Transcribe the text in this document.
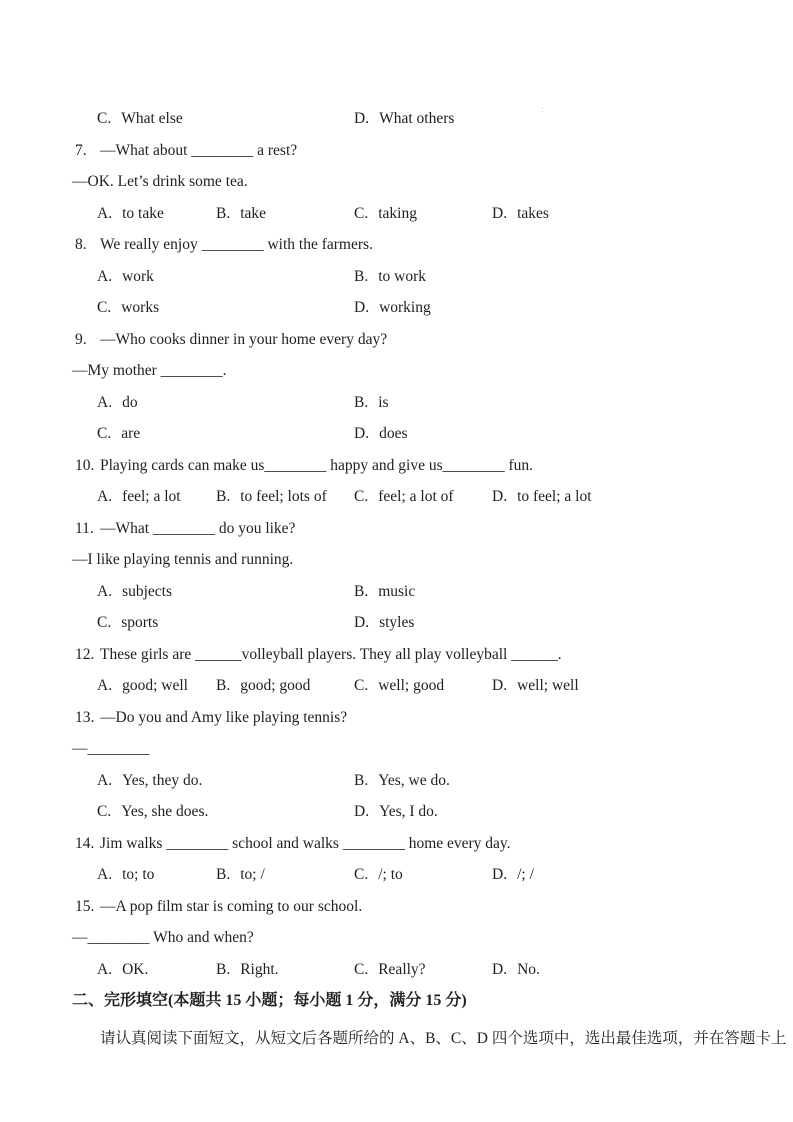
:
C. What else	D. What others
7. —What about ________ a rest?
—OK. Let’s drink some tea.
A. to take	B. take	C. taking	D. takes
8. We really enjoy ________ with the farmers.
A. work	B. to work
C. works	D. working
9. —Who cooks dinner in your home every day?
—My mother ________.
A. do	B. is
C. are	D. does
10. Playing cards can make us________ happy and give us________ fun.
A. feel; a lot B. to feel; lots of C. feel; a lot of D. to feel; a lot
11. —What ________ do you like?
—I like playing tennis and running.
A. subjects	B. music
C. sports	D. styles
12. These girls are ______volleyball players. They all play volleyball ______.
A. good; well B. good; good	C. well; good	D. well; well
13. —Do you and Amy like playing tennis?
—________
A. Yes, they do.	B. Yes, we do.
C. Yes, she does.	D. Yes, I do.
14. Jim walks ________ school and walks ________ home every day.
A. to; to	B. to; /	C. /; to	D. /; /
15. —A pop film star is coming to our school.
—________ Who and when?
A. OK.	B. Right.	C. Really?	D. No.
二、完形填空(本题共 15 小题；每小题 1 分，满分 15 分)
请认真阅读下面短文，从短文后各题所给的 A、B、C、D 四个选项中，选出最佳选项，并在答题卡上
